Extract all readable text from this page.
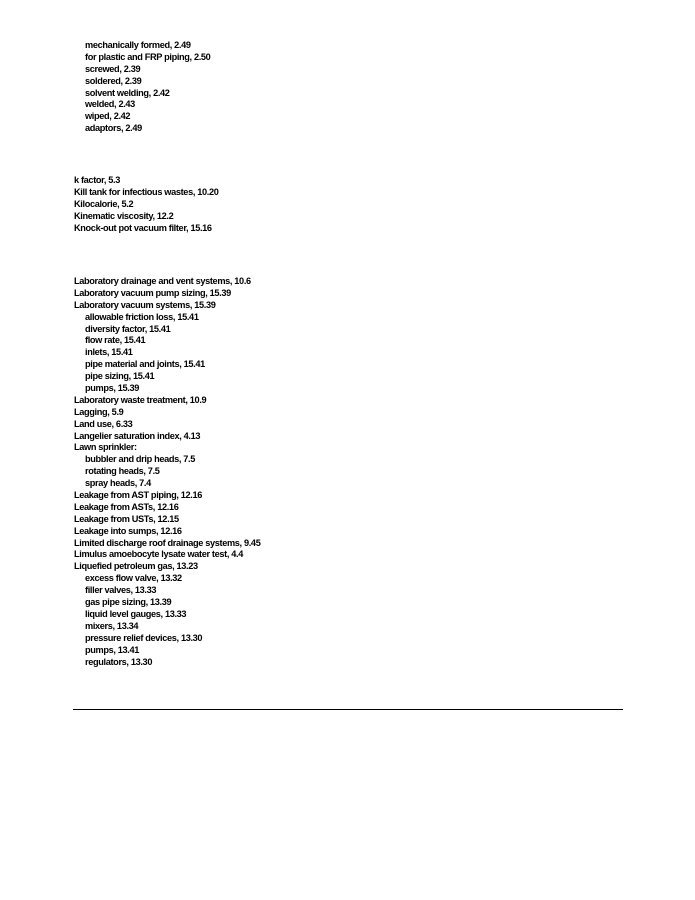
mechanically formed, 2.49
for plastic and FRP piping, 2.50
screwed, 2.39
soldered, 2.39
solvent welding, 2.42
welded, 2.43
wiped, 2.42
adaptors, 2.49
k factor, 5.3
Kill tank for infectious wastes, 10.20
Kilocalorie, 5.2
Kinematic viscosity, 12.2
Knock-out pot vacuum filter, 15.16
Laboratory drainage and vent systems, 10.6
Laboratory vacuum pump sizing, 15.39
Laboratory vacuum systems, 15.39
allowable friction loss, 15.41
diversity factor, 15.41
flow rate, 15.41
inlets, 15.41
pipe material and joints, 15.41
pipe sizing, 15.41
pumps, 15.39
Laboratory waste treatment, 10.9
Lagging, 5.9
Land use, 6.33
Langelier saturation index, 4.13
Lawn sprinkler:
bubbler and drip heads, 7.5
rotating heads, 7.5
spray heads, 7.4
Leakage from AST piping, 12.16
Leakage from ASTs, 12.16
Leakage from USTs, 12.15
Leakage into sumps, 12.16
Limited discharge roof drainage systems, 9.45
Limulus amoebocyte lysate water test, 4.4
Liquefied petroleum gas, 13.23
excess flow valve, 13.32
filler valves, 13.33
gas pipe sizing, 13.39
liquid level gauges, 13.33
mixers, 13.34
pressure relief devices, 13.30
pumps, 13.41
regulators, 13.30
